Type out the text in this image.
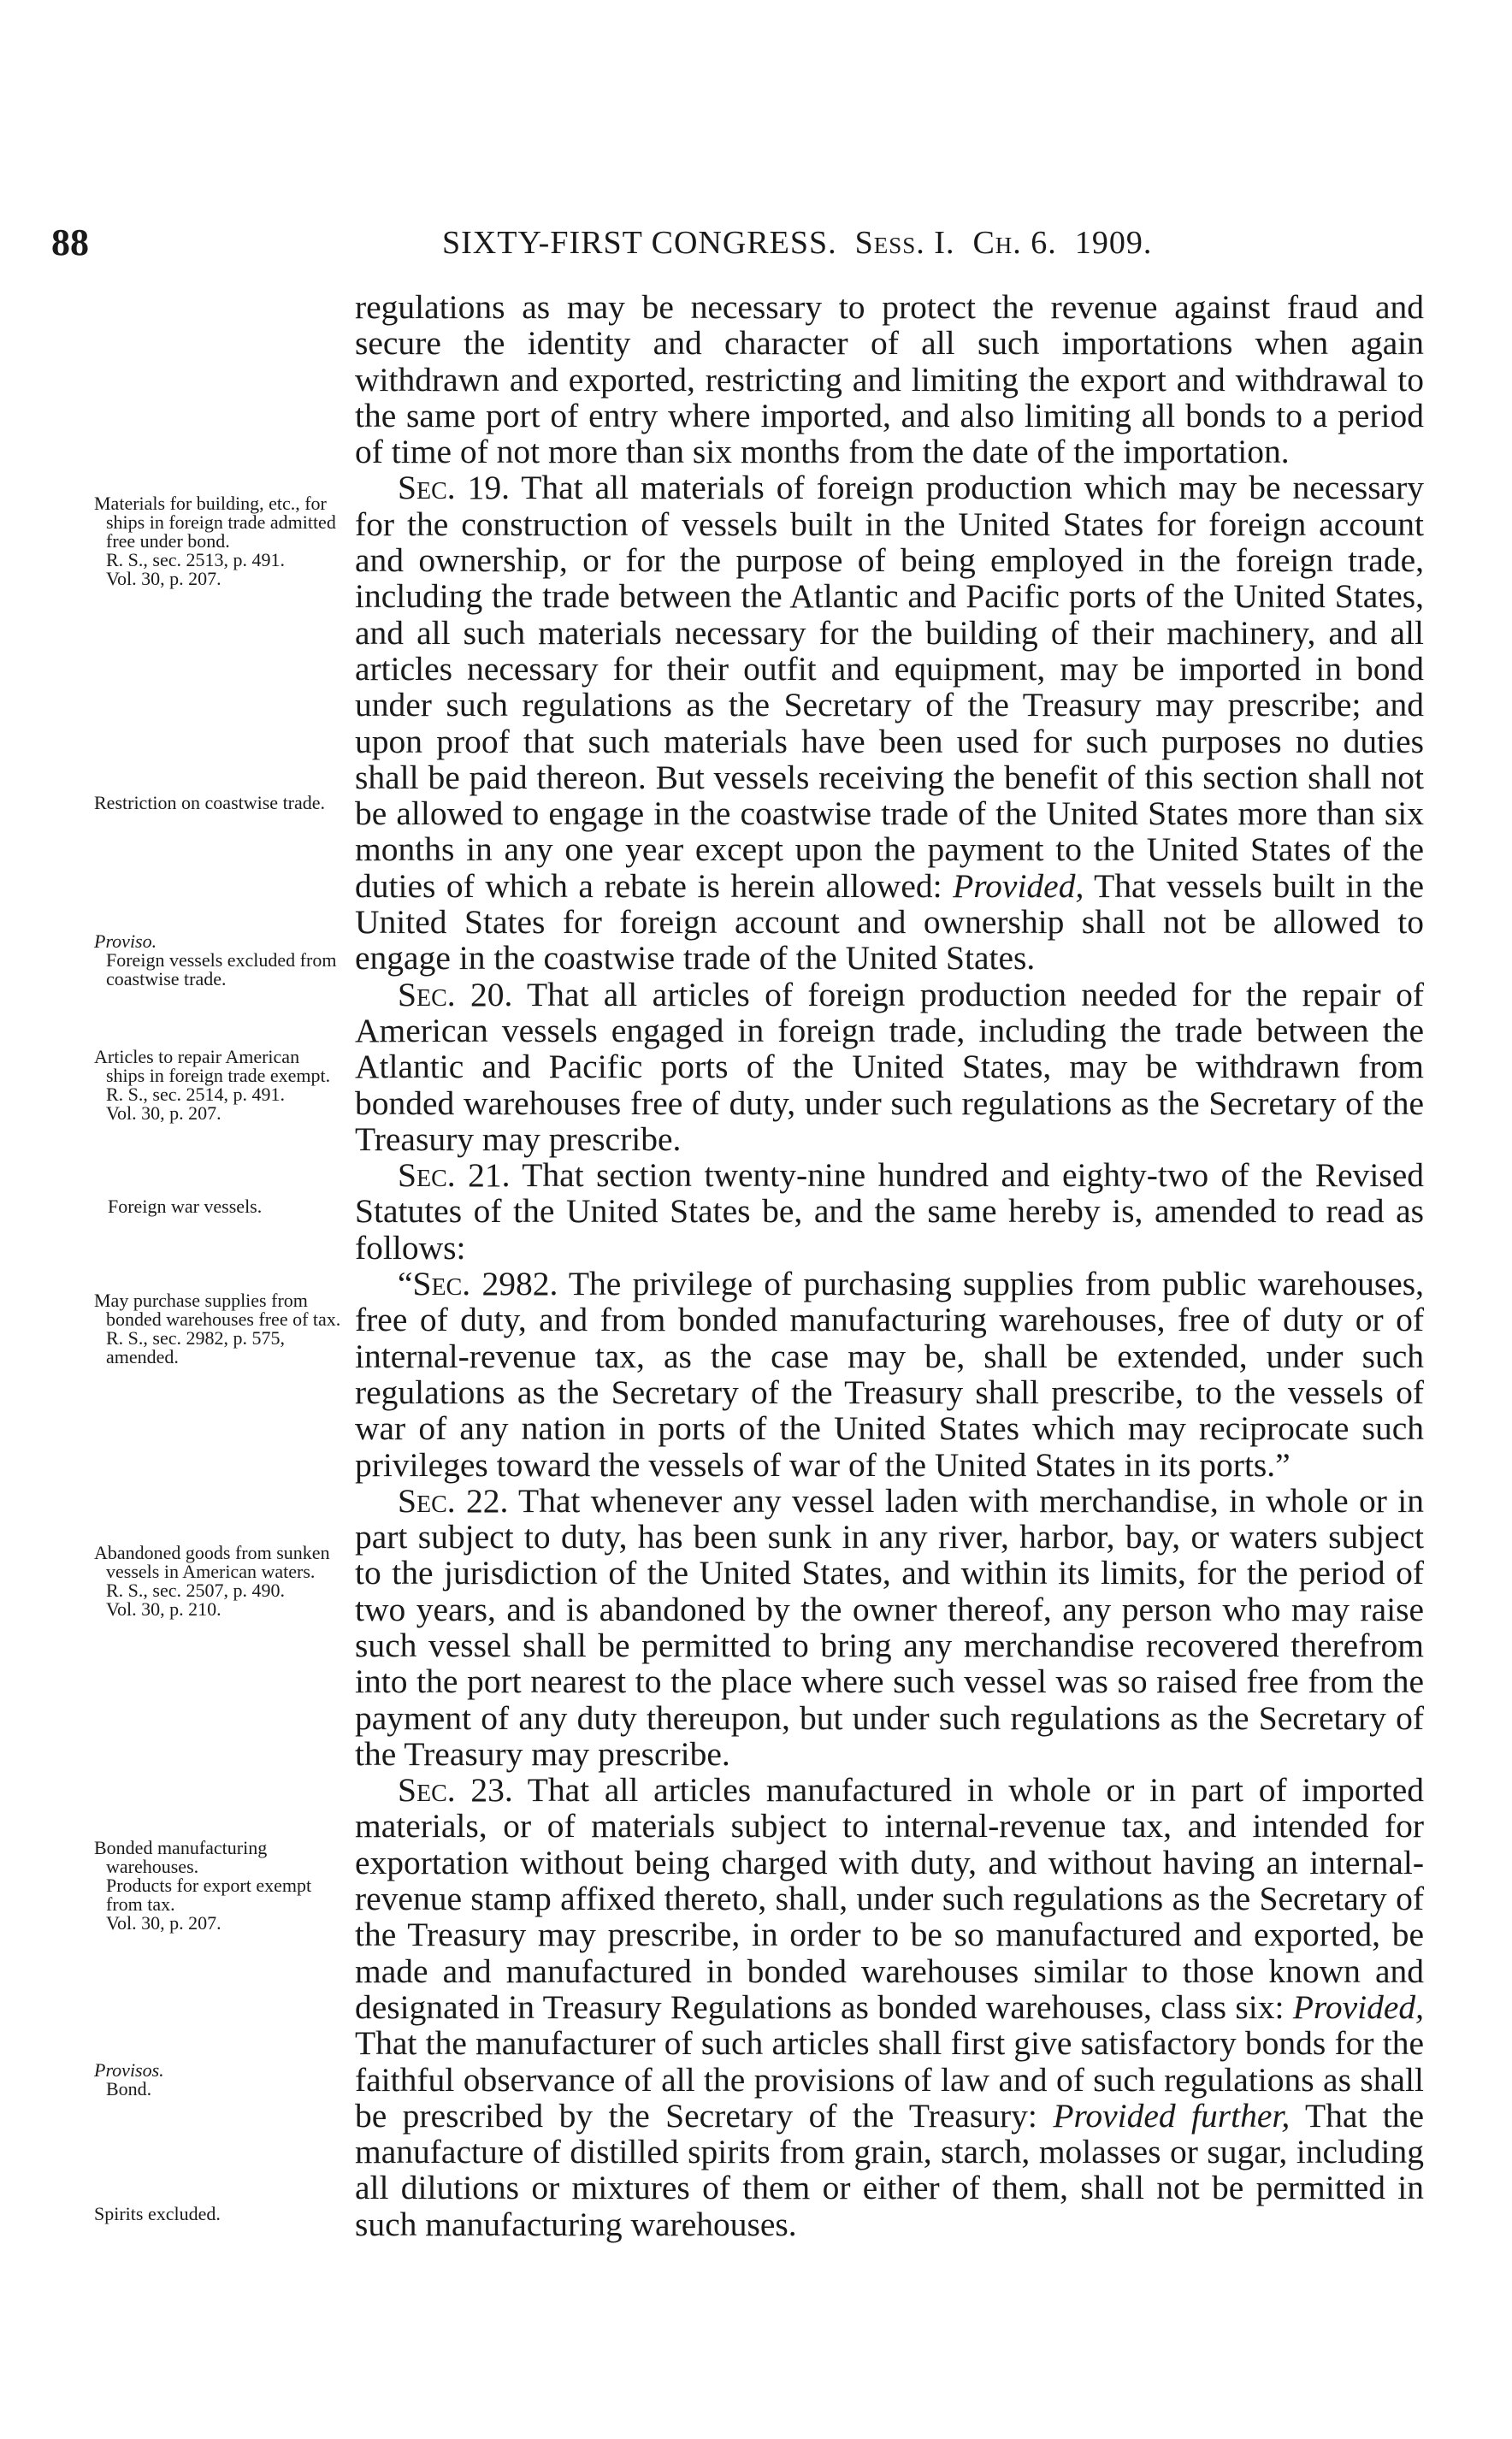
88	SIXTY-FIRST CONGRESS. Sess. I. Ch. 6. 1909.

regulations as may be necessary to protect the revenue against fraud and secure the identity and character of all such importations when again withdrawn and exported, restricting and limiting the export and withdrawal to the same port of entry where imported, and also limiting all bonds to a period of time of not more than six months from the date of the importation.

Sec. 19. That all materials of foreign production which may be necessary for the construction of vessels built in the United States for foreign account and ownership, or for the purpose of being employed in the foreign trade, including the trade between the Atlantic and Pacific ports of the United States, and all such materials necessary for the building of their machinery, and all articles necessary for their outfit and equipment, may be imported in bond under such regulations as the Secretary of the Treasury may prescribe; and upon proof that such materials have been used for such purposes no duties shall be paid thereon. But vessels receiving the benefit of this section shall not be allowed to engage in the coastwise trade of the United States more than six months in any one year except upon the payment to the United States of the duties of which a rebate is herein allowed: Provided, That vessels built in the United States for foreign account and ownership shall not be allowed to engage in the coastwise trade of the United States.

Sec. 20. That all articles of foreign production needed for the repair of American vessels engaged in foreign trade, including the trade between the Atlantic and Pacific ports of the United States, may be withdrawn from bonded warehouses free of duty, under such regulations as the Secretary of the Treasury may prescribe.

Sec. 21. That section twenty-nine hundred and eighty-two of the Revised Statutes of the United States be, and the same hereby is, amended to read as follows:

“Sec. 2982. The privilege of purchasing supplies from public warehouses, free of duty, and from bonded manufacturing warehouses, free of duty or of internal-revenue tax, as the case may be, shall be extended, under such regulations as the Secretary of the Treasury shall prescribe, to the vessels of war of any nation in ports of the United States which may reciprocate such privileges toward the vessels of war of the United States in its ports.”

Sec. 22. That whenever any vessel laden with merchandise, in whole or in part subject to duty, has been sunk in any river, harbor, bay, or waters subject to the jurisdiction of the United States, and within its limits, for the period of two years, and is abandoned by the owner thereof, any person who may raise such vessel shall be permitted to bring any merchandise recovered therefrom into the port nearest to the place where such vessel was so raised free from the payment of any duty thereupon, but under such regulations as the Secretary of the Treasury may prescribe.

Sec. 23. That all articles manufactured in whole or in part of imported materials, or of materials subject to internal-revenue tax, and intended for exportation without being charged with duty, and without having an internal-revenue stamp affixed thereto, shall, under such regulations as the Secretary of the Treasury may prescribe, in order to be so manufactured and exported, be made and manufactured in bonded warehouses similar to those known and designated in Treasury Regulations as bonded warehouses, class six: Provided, That the manufacturer of such articles shall first give satisfactory bonds for the faithful observance of all the provisions of law and of such regulations as shall be prescribed by the Secretary of the Treasury: Provided further, That the manufacture of distilled spirits from grain, starch, molasses or sugar, including all dilutions or mixtures of them or either of them, shall not be permitted in such manufacturing warehouses.

Materials for building, etc., for ships in foreign trade admitted free under bond.
R. S., sec. 2513, p. 491.
Vol. 30, p. 207.
Restriction on coastwise trade.
Proviso.
Foreign vessels excluded from coastwise trade.
Articles to repair American ships in foreign trade exempt.
R. S., sec. 2514, p. 491.
Vol. 30, p. 207.
Foreign war vessels.
May purchase supplies from bonded warehouses free of tax.
R. S., sec. 2982, p. 575, amended.
Abandoned goods from sunken vessels in American waters.
R. S., sec. 2507, p. 490.
Vol. 30, p. 210.
Bonded manufacturing warehouses.
Products for export exempt from tax.
Vol. 30, p. 207.
Provisos.
Bond.
Spirits excluded.
